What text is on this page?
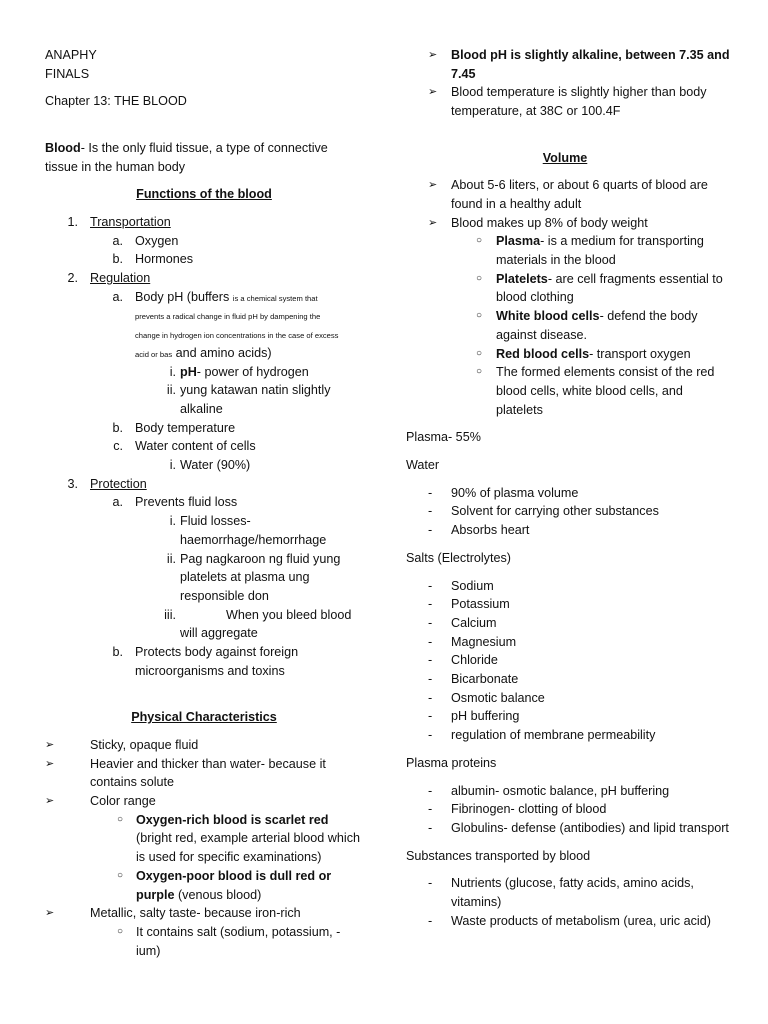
ANAPHY

FINALS

Chapter 13: THE BLOOD

Blood- Is the only fluid tissue, a type of connective tissue in the human body

Functions of the blood

1. Transportation
a. Oxygen
b. Hormones
2. Regulation
a. Body pH (buffers is a chemical system that prevents a radical change in fluid pH by dampening the change in hydrogen ion concentrations in the case of excess acid or bas and amino acids)
i. pH- power of hydrogen
ii. yung katawan natin slightly alkaline
b. Body temperature
c. Water content of cells
i. Water (90%)
3. Protection
a. Prevents fluid loss
i. Fluid losses- haemorrhage/hemorrhage
ii. Pag nagkaroon ng fluid yung platelets at plasma ung responsible don
iii.	When you bleed blood will aggregate
b. Protects body against foreign microorganisms and toxins

Physical Characteristics

➢	Sticky, opaque fluid
➢	Heavier and thicker than water- because it contains solute
➢	Color range
○ Oxygen-rich blood is scarlet red (bright red, example arterial blood which is used for specific examinations)
○ Oxygen-poor blood is dull red or purple (venous blood)
➢	Metallic, salty taste- because iron-rich
○ It contains salt (sodium, potassium, -ium)
➢ Blood pH is slightly alkaline, between 7.35 and 7.45
➢ Blood temperature is slightly higher than body temperature, at 38C or 100.4F

Volume

➢ About 5-6 liters, or about 6 quarts of blood are found in a healthy adult
➢ Blood makes up 8% of body weight
○ Plasma- is a medium for transporting materials in the blood
○ Platelets- are cell fragments essential to blood clothing
○ White blood cells- defend the body against disease.
○ Red blood cells- transport oxygen
○ The formed elements consist of the red blood cells, white blood cells, and platelets

Plasma- 55%

Water

- 90% of plasma volume
- Solvent for carrying other substances
- Absorbs heart

Salts (Electrolytes)

- Sodium
- Potassium
- Calcium
- Magnesium
- Chloride
- Bicarbonate
- Osmotic balance
- pH buffering
- regulation of membrane permeability

Plasma proteins

- albumin- osmotic balance, pH buffering
- Fibrinogen- clotting of blood
- Globulins- defense (antibodies) and lipid transport

Substances transported by blood

- Nutrients (glucose, fatty acids, amino acids, vitamins)
- Waste products of metabolism (urea, uric acid)
